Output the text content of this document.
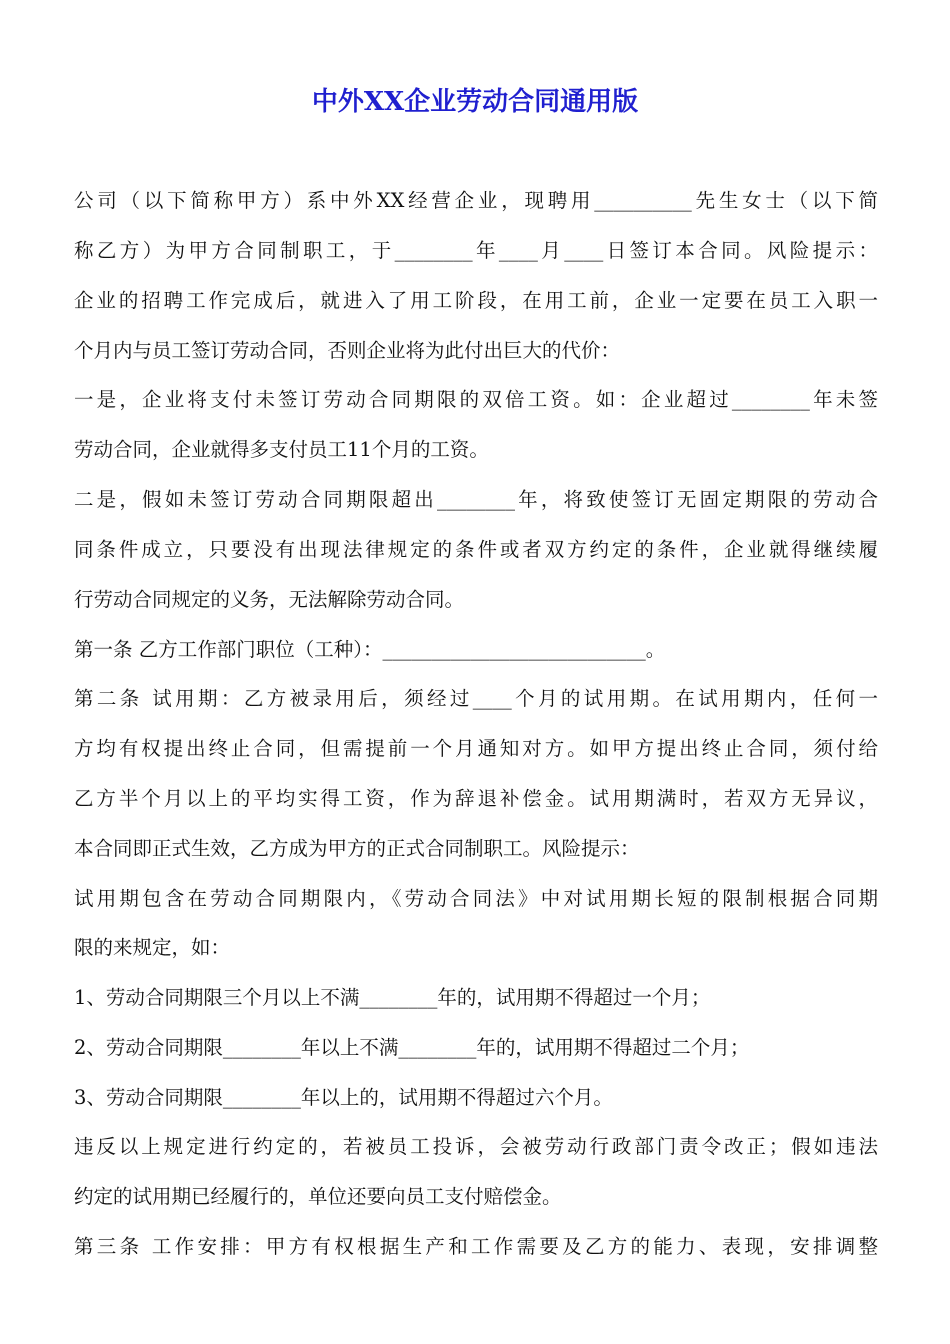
中外XX企业劳动合同通用版
公司（以下简称甲方）系中外XX经营企业，现聘用__________先生女士（以下简
称乙方）为甲方合同制职工，于________年____月____日签订本合同。风险提示：
企业的招聘工作完成后，就进入了用工阶段，在用工前，企业一定要在员工入职一
个月内与员工签订劳动合同，否则企业将为此付出巨大的代价：
一是，企业将支付未签订劳动合同期限的双倍工资。如：企业超过________年未签
劳动合同，企业就得多支付员工11个月的工资。
二是，假如未签订劳动合同期限超出________年，将致使签订无固定期限的劳动合
同条件成立，只要没有出现法律规定的条件或者双方约定的条件，企业就得继续履
行劳动合同规定的义务，无法解除劳动合同。
第一条 乙方工作部门职位（工种）：___________________________。
第二条 试用期：乙方被录用后，须经过____个月的试用期。在试用期内，任何一
方均有权提出终止合同，但需提前一个月通知对方。如甲方提出终止合同，须付给
乙方半个月以上的平均实得工资，作为辞退补偿金。试用期满时，若双方无异议，
本合同即正式生效，乙方成为甲方的正式合同制职工。风险提示：
试用期包含在劳动合同期限内，《劳动合同法》中对试用期长短的限制根据合同期
限的来规定，如：
1、劳动合同期限三个月以上不满________年的，试用期不得超过一个月；
2、劳动合同期限________年以上不满________年的，试用期不得超过二个月；
3、劳动合同期限________年以上的，试用期不得超过六个月。
违反以上规定进行约定的，若被员工投诉，会被劳动行政部门责令改正；假如违法
约定的试用期已经履行的，单位还要向员工支付赔偿金。
第三条 工作安排：甲方有权根据生产和工作需要及乙方的能力、表现，安排调整
